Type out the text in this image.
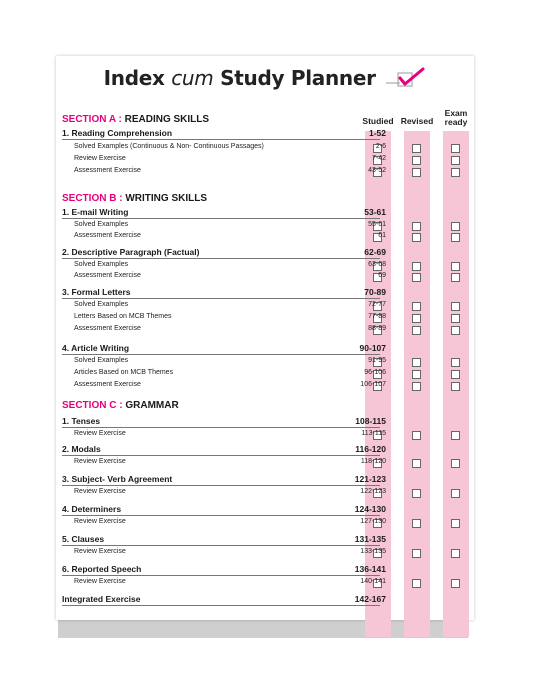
Index cum Study Planner
Studied Revised
Exam ready
SECTION A : READING SKILLS
1. Reading Comprehension	1-52
Solved Examples (Continuous & Non- Continuous Passages)	2-6
Review Exercise	7-42
Assessment Exercise	43-52
SECTION B : WRITING SKILLS
1. E-mail Writing	53-61
Solved Examples	55-61
Assessment Exercise	61
2. Descriptive Paragraph (Factual)	62-69
Solved Examples	63-68
Assessment Exercise	69
3. Formal Letters	70-89
Solved Examples	72-77
Letters Based on MCB Themes	77-88
Assessment Exercise	88-89
4. Article Writing	90-107
Solved Examples	91-95
Articles Based on MCB Themes	96-106
Assessment Exercise	106-107
SECTION C : GRAMMAR
1. Tenses	108-115
Review Exercise	113-115
2. Modals	116-120
Review Exercise	118-120
3. Subject- Verb Agreement	121-123
Review Exercise	122-123
4. Determiners	124-130
Review Exercise	127-130
5. Clauses	131-135
Review Exercise	133-135
6. Reported Speech	136-141
Review Exercise	140-141
Integrated Exercise	142-167
